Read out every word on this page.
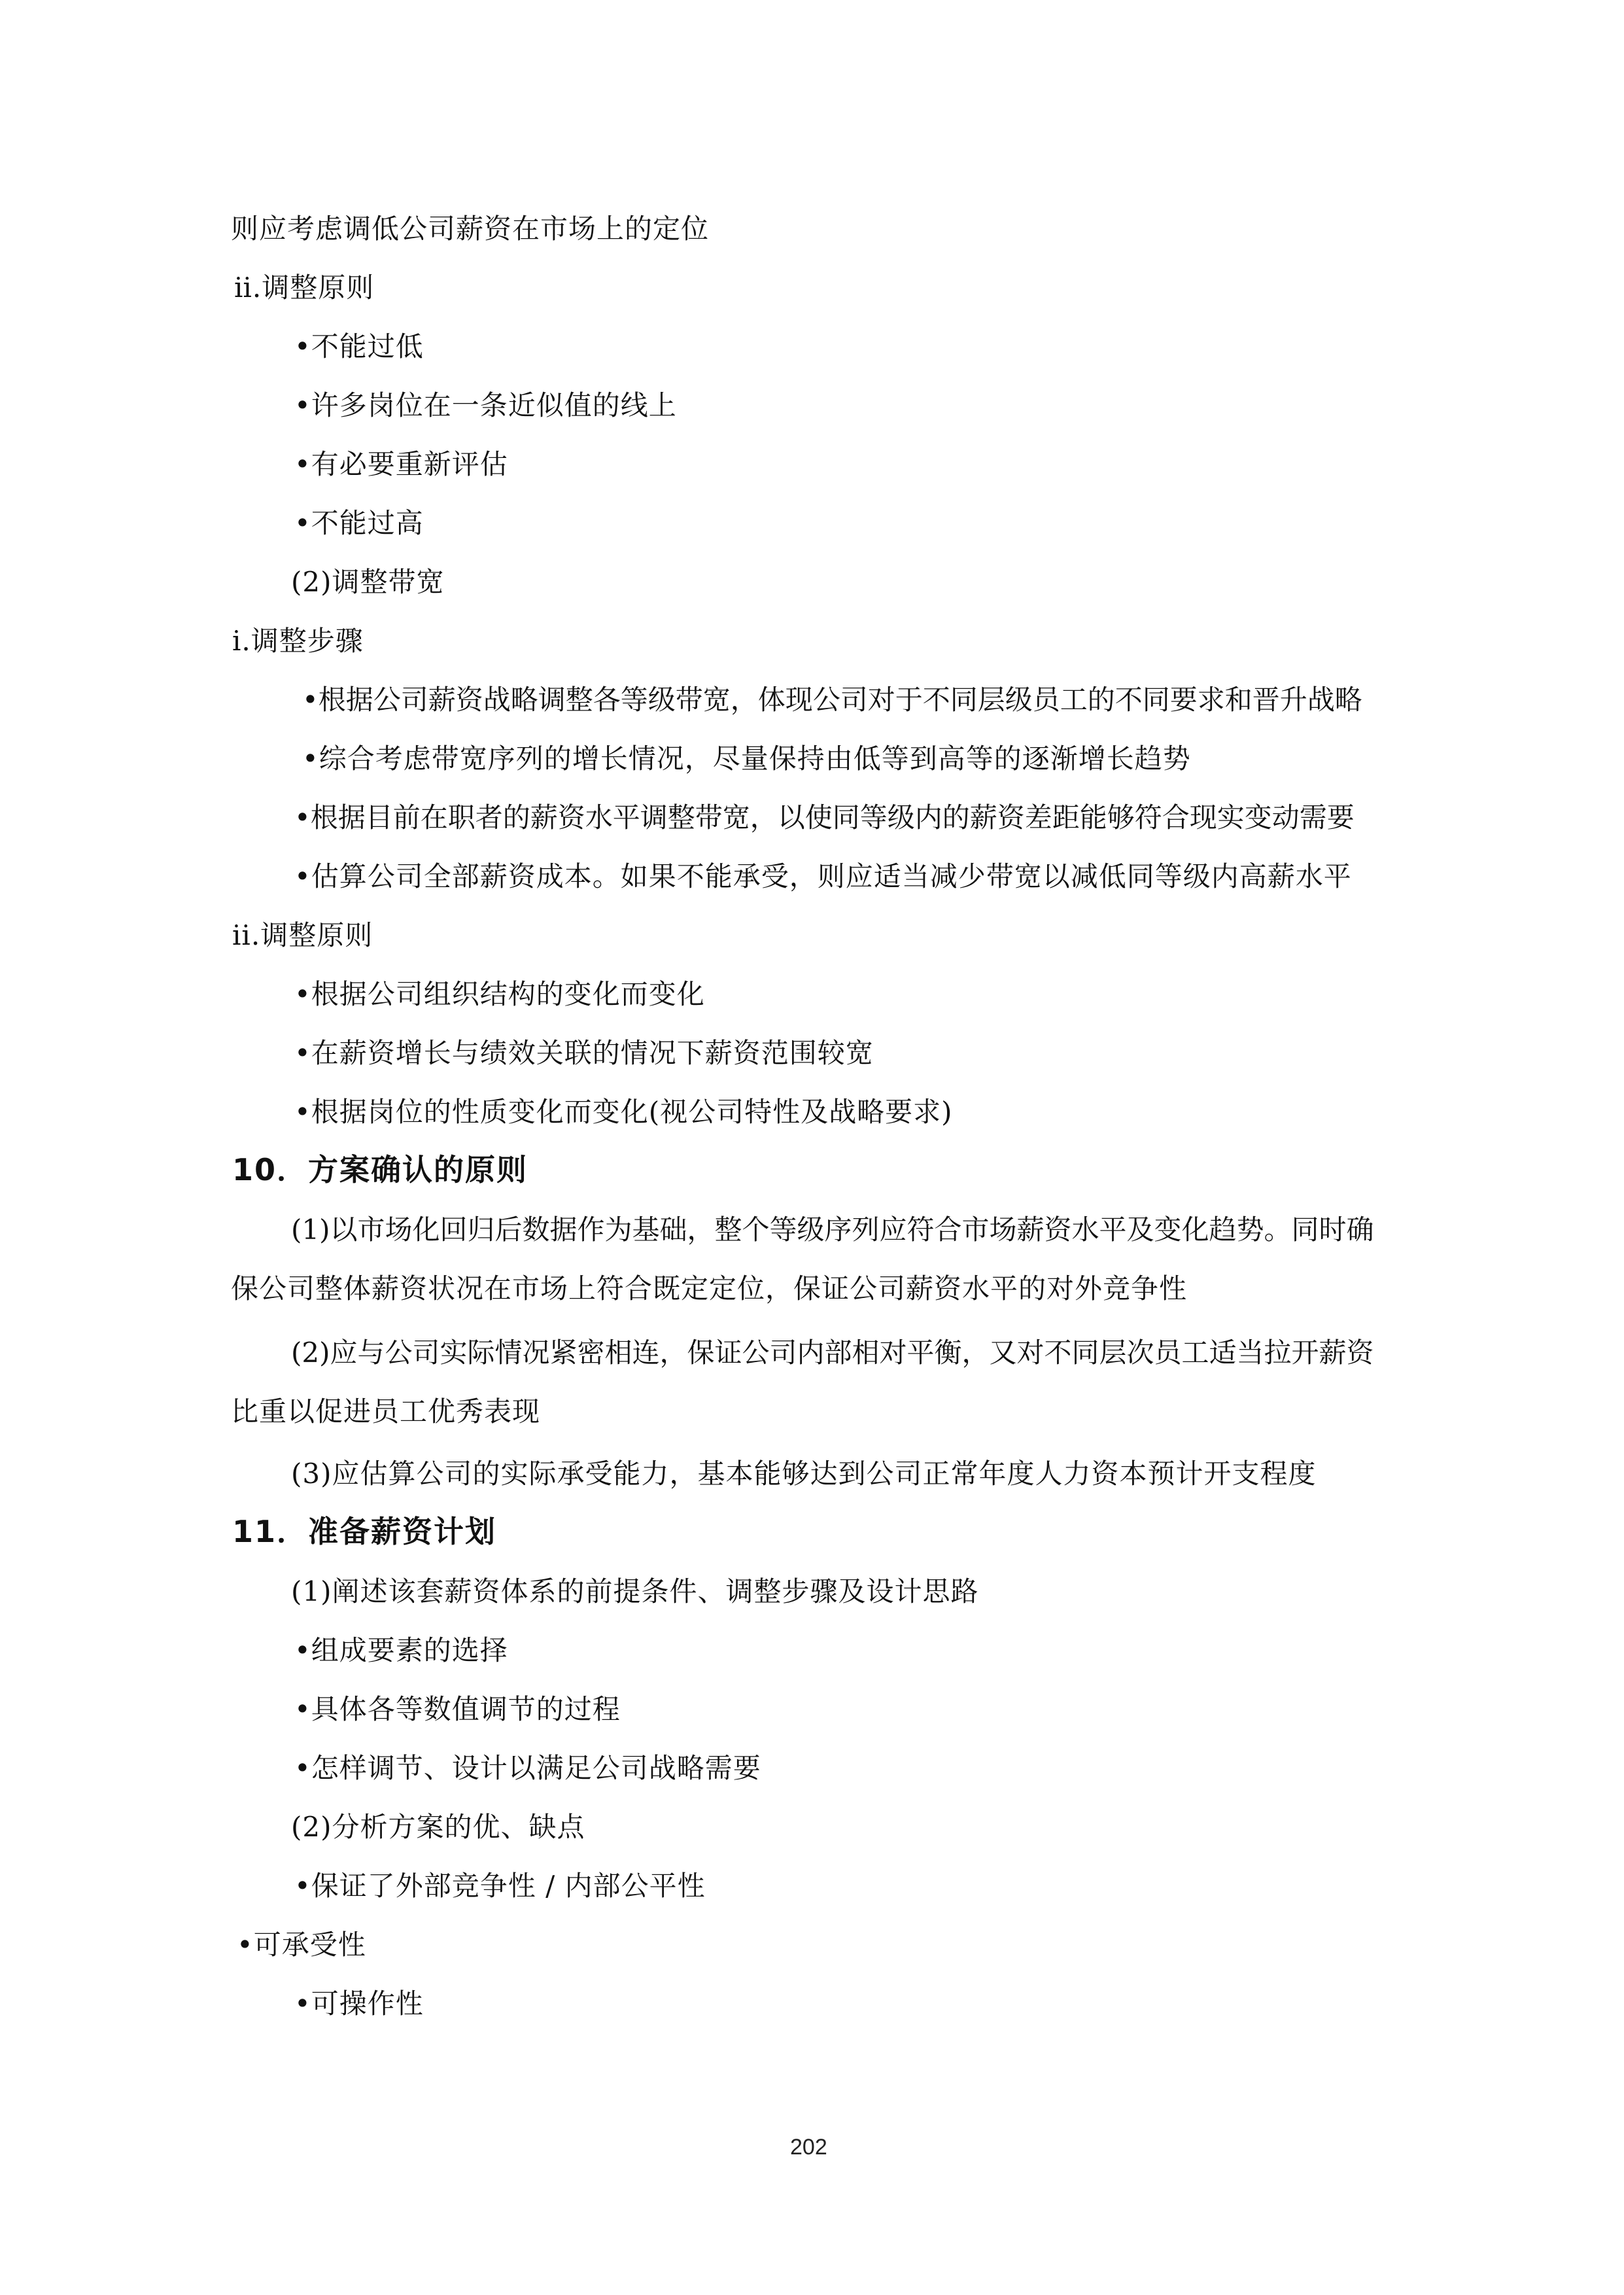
则应考虑调低公司薪资在市场上的定位
ⅱ.调整原则
•不能过低
•许多岗位在一条近似值的线上
•有必要重新评估
•不能过高
(2)调整带宽
i.调整步骤
•根据公司薪资战略调整各等级带宽，体现公司对于不同层级员工的不同要求和晋升战略
•综合考虑带宽序列的增长情况，尽量保持由低等到高等的逐渐增长趋势
•根据目前在职者的薪资水平调整带宽，以使同等级内的薪资差距能够符合现实变动需要
•估算公司全部薪资成本。如果不能承受，则应适当减少带宽以减低同等级内高薪水平
ii.调整原则
•根据公司组织结构的变化而变化
•在薪资增长与绩效关联的情况下薪资范围较宽
•根据岗位的性质变化而变化(视公司特性及战略要求)
10．方案确认的原则
(1)以市场化回归后数据作为基础，整个等级序列应符合市场薪资水平及变化趋势。同时确
保公司整体薪资状况在市场上符合既定定位，保证公司薪资水平的对外竞争性
(2)应与公司实际情况紧密相连，保证公司内部相对平衡，又对不同层次员工适当拉开薪资
比重以促进员工优秀表现
(3)应估算公司的实际承受能力，基本能够达到公司正常年度人力资本预计开支程度
11．准备薪资计划
(1)阐述该套薪资体系的前提条件、调整步骤及设计思路
•组成要素的选择
•具体各等数值调节的过程
•怎样调节、设计以满足公司战略需要
(2)分析方案的优、缺点
•保证了外部竞争性 / 内部公平性
•可承受性
•可操作性
202
